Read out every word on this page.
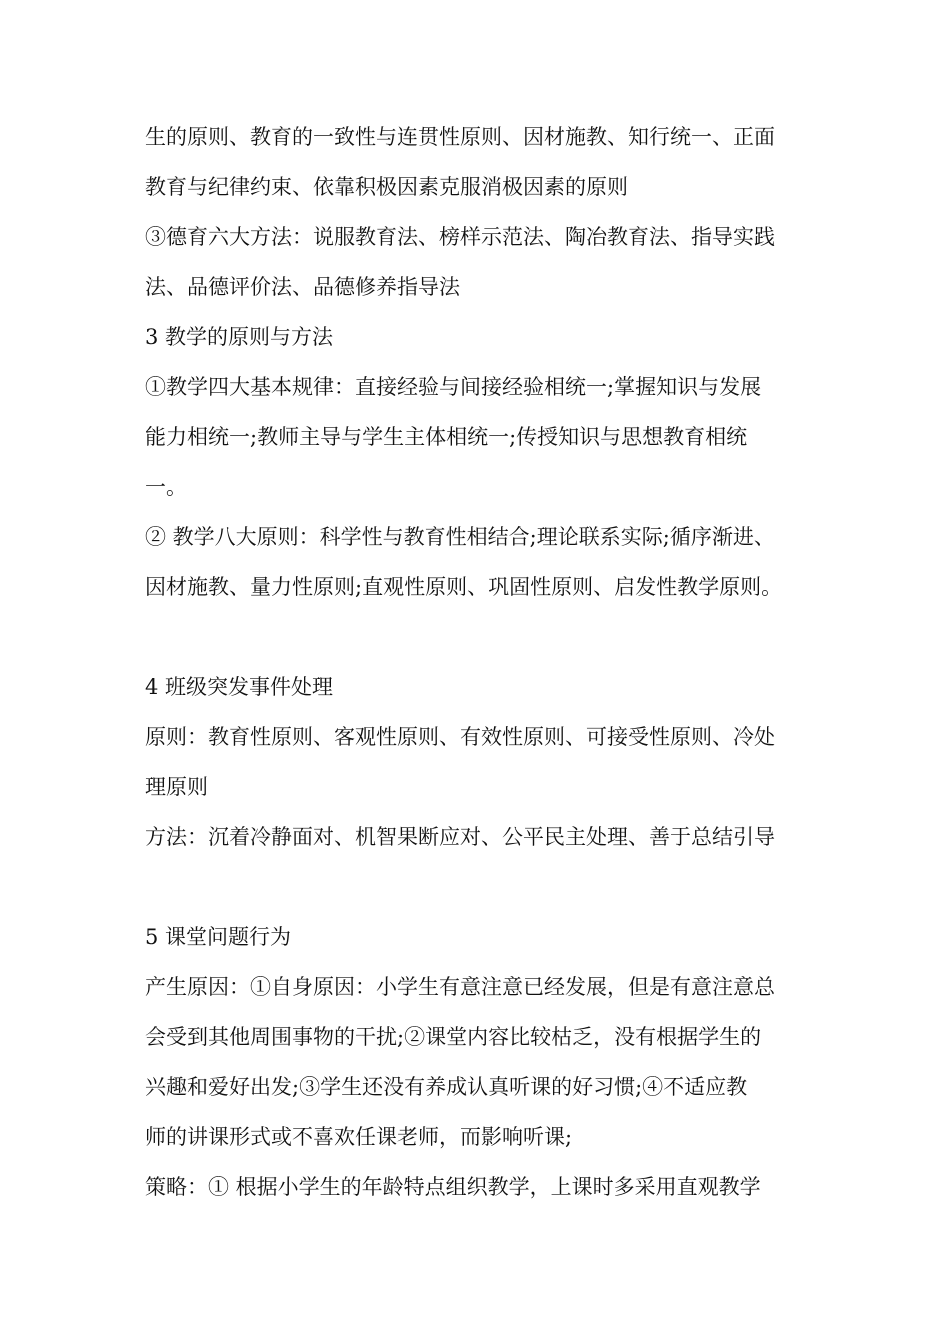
生的原则、教育的一致性与连贯性原则、因材施教、知行统一、正面
教育与纪律约束、依靠积极因素克服消极因素的原则
③德育六大方法：说服教育法、榜样示范法、陶冶教育法、指导实践
法、品德评价法、品德修养指导法
3 教学的原则与方法
①教学四大基本规律：直接经验与间接经验相统一;掌握知识与发展
能力相统一;教师主导与学生主体相统一;传授知识与思想教育相统
一。
② 教学八大原则：科学性与教育性相结合;理论联系实际;循序渐进、
因材施教、量力性原则;直观性原则、巩固性原则、启发性教学原则。
4 班级突发事件处理
原则：教育性原则、客观性原则、有效性原则、可接受性原则、冷处
理原则
方法：沉着冷静面对、机智果断应对、公平民主处理、善于总结引导
5 课堂问题行为
产生原因：①自身原因：小学生有意注意已经发展，但是有意注意总
会受到其他周围事物的干扰;②课堂内容比较枯乏，没有根据学生的
兴趣和爱好出发;③学生还没有养成认真听课的好习惯;④不适应教
师的讲课形式或不喜欢任课老师，而影响听课;
策略：① 根据小学生的年龄特点组织教学，上课时多采用直观教学
